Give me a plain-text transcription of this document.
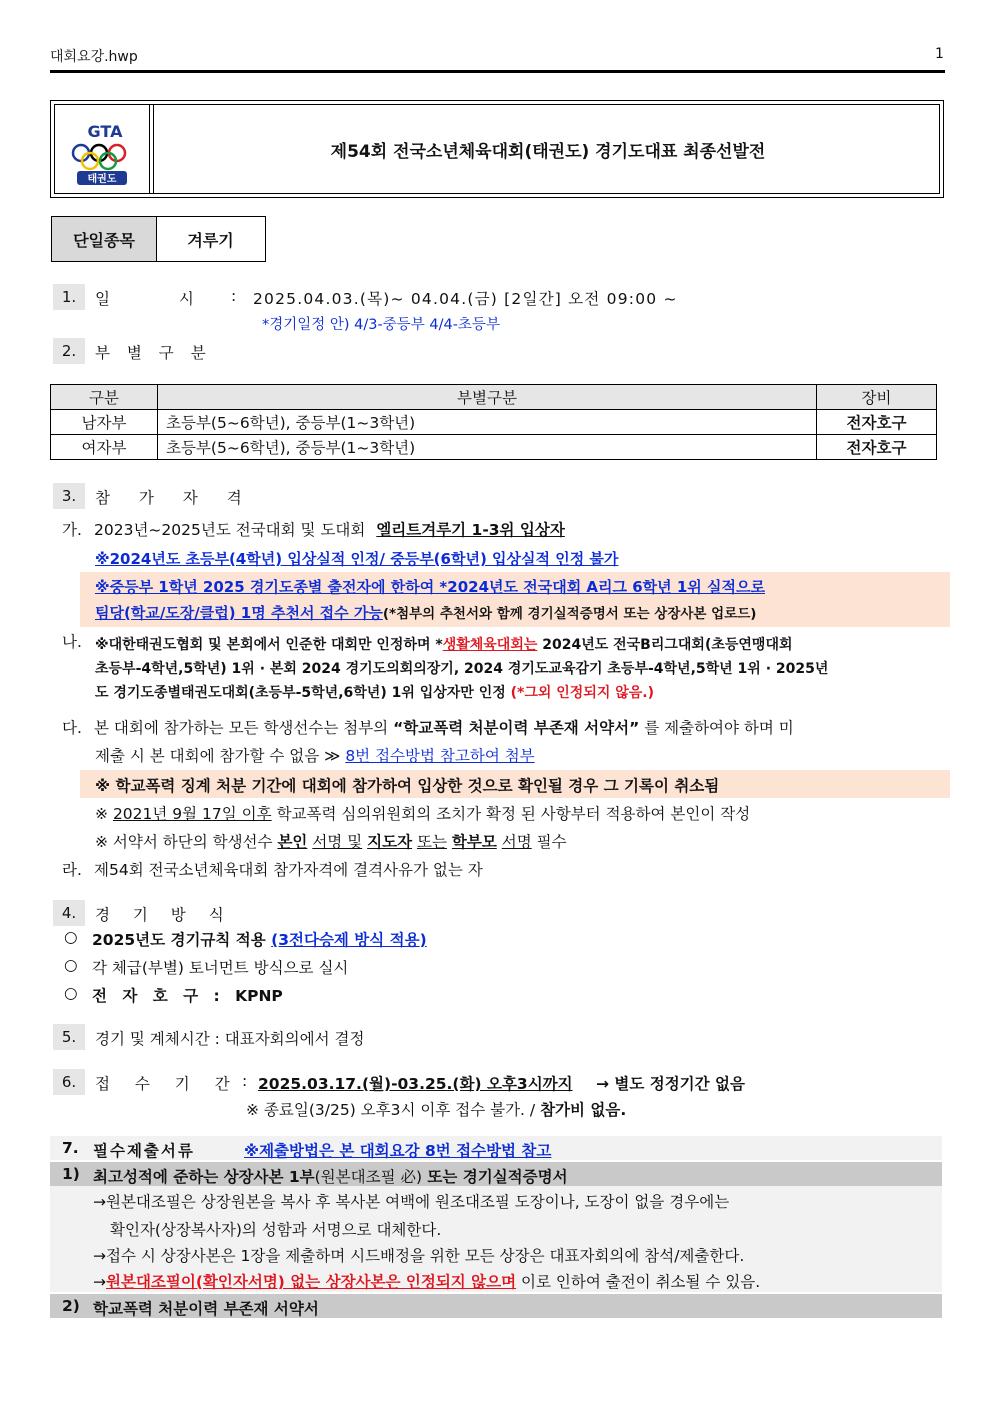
대회요강.hwp	1
GTA
태권도
제54회 전국소년체육대회(태권도) 경기도대표 최종선발전
단일종목	겨루기
1.	일 시 : 2025.04.03.(목)~ 04.04.(금) [2일간] 오전 09:00 ~
*경기일정 안) 4/3-중등부 4/4-초등부
2.	부 별 구 분
구분	부별구분	장비
남자부	초등부(5~6학년), 중등부(1~3학년)	전자호구
여자부	초등부(5~6학년), 중등부(1~3학년)	전자호구
3.	참 가 자 격
가. 2023년~2025년도 전국대회 및 도대회 엘리트겨루기 1-3위 입상자
※2024년도 초등부(4학년) 입상실적 인정/ 중등부(6학년) 입상실적 인정 불가
※중등부 1학년 2025 경기도종별 출전자에 한하여 *2024년도 전국대회 A리그 6학년 1위 실적으로
팀당(학교/도장/클럽) 1명 추천서 접수 가능(*첨부의 추천서와 함께 경기실적증명서 또는 상장사본 업로드)
나. ※대한태권도협회 및 본회에서 인준한 대회만 인정하며 *생활체육대회는 2024년도 전국B리그대회(초등연맹대회
초등부-4학년,5학년) 1위 · 본회 2024 경기도의회의장기, 2024 경기도교육감기 초등부-4학년,5학년 1위 · 2025년
도 경기도종별태권도대회(초등부-5학년,6학년) 1위 입상자만 인정 (*그외 인정되지 않음.)
다. 본 대회에 참가하는 모든 학생선수는 첨부의 “학교폭력 처분이력 부존재 서약서” 를 제출하여야 하며 미
제출 시 본 대회에 참가할 수 없음 ≫ 8번 접수방법 참고하여 첨부
※ 학교폭력 징계 처분 기간에 대회에 참가하여 입상한 것으로 확인될 경우 그 기록이 취소됨
※ 2021년 9월 17일 이후 학교폭력 심의위원회의 조치가 확정 된 사항부터 적용하여 본인이 작성
※ 서약서 하단의 학생선수 본인 서명 및 지도자 또는 학부모 서명 필수
라. 제54회 전국소년체육대회 참가자격에 결격사유가 없는 자
4.	경 기 방 식
○ 2025년도 경기규칙 적용 (3전다승제 방식 적용)
○ 각 체급(부별) 토너먼트 방식으로 실시
○ 전 자 호 구 : KPNP
5.	경기 및 계체시간 : 대표자회의에서 결정
6.	접 수 기 간 : 2025.03.17.(월)-03.25.(화) 오후3시까지 → 별도 정정기간 없음
※ 종료일(3/25) 오후3시 이후 접수 불가. / 참가비 없음.
7. 필수제출서류	※제출방법은 본 대회요강 8번 접수방법 참고
1) 최고성적에 준하는 상장사본 1부(원본대조필 必) 또는 경기실적증명서
→원본대조필은 상장원본을 복사 후 복사본 여백에 원조대조필 도장이나, 도장이 없을 경우에는
확인자(상장복사자)의 성함과 서명으로 대체한다.
→접수 시 상장사본은 1장을 제출하며 시드배정을 위한 모든 상장은 대표자회의에 참석/제출한다.
→원본대조필이(확인자서명) 없는 상장사본은 인정되지 않으며 이로 인하여 출전이 취소될 수 있음.
2) 학교폭력 처분이력 부존재 서약서
